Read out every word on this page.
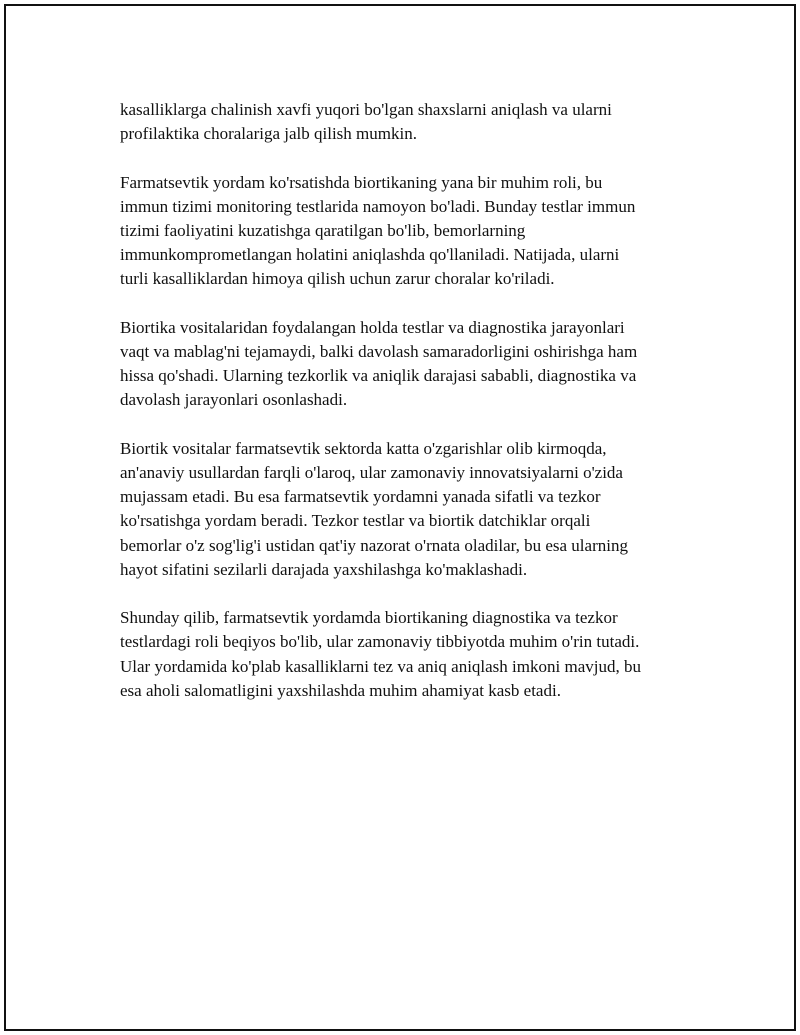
kasalliklarga chalinish xavfi yuqori bo'lgan shaxslarni aniqlash va ularni
profilaktika choralariga jalb qilish mumkin.

Farmatsevtik yordam ko'rsatishda biortikaning yana bir muhim roli, bu
immun tizimi monitoring testlarida namoyon bo'ladi. Bunday testlar immun
tizimi faoliyatini kuzatishga qaratilgan bo'lib, bemorlarning
immunkomprometlangan holatini aniqlashda qo'llaniladi. Natijada, ularni
turli kasalliklardan himoya qilish uchun zarur choralar ko'riladi.

Biortika vositalaridan foydalangan holda testlar va diagnostika jarayonlari
vaqt va mablag'ni tejamaydi, balki davolash samaradorligini oshirishga ham
hissa qo'shadi. Ularning tezkorlik va aniqlik darajasi sababli, diagnostika va
davolash jarayonlari osonlashadi.

Biortik vositalar farmatsevtik sektorda katta o'zgarishlar olib kirmoqda,
an'anaviy usullardan farqli o'laroq, ular zamonaviy innovatsiyalarni o'zida
mujassam etadi. Bu esa farmatsevtik yordamni yanada sifatli va tezkor
ko'rsatishga yordam beradi. Tezkor testlar va biortik datchiklar orqali
bemorlar o'z sog'lig'i ustidan qat'iy nazorat o'rnata oladilar, bu esa ularning
hayot sifatini sezilarli darajada yaxshilashga ko'maklashadi.

Shunday qilib, farmatsevtik yordamda biortikaning diagnostika va tezkor
testlardagi roli beqiyos bo'lib, ular zamonaviy tibbiyotda muhim o'rin tutadi.
Ular yordamida ko'plab kasalliklarni tez va aniq aniqlash imkoni mavjud, bu
esa aholi salomatligini yaxshilashda muhim ahamiyat kasb etadi.
